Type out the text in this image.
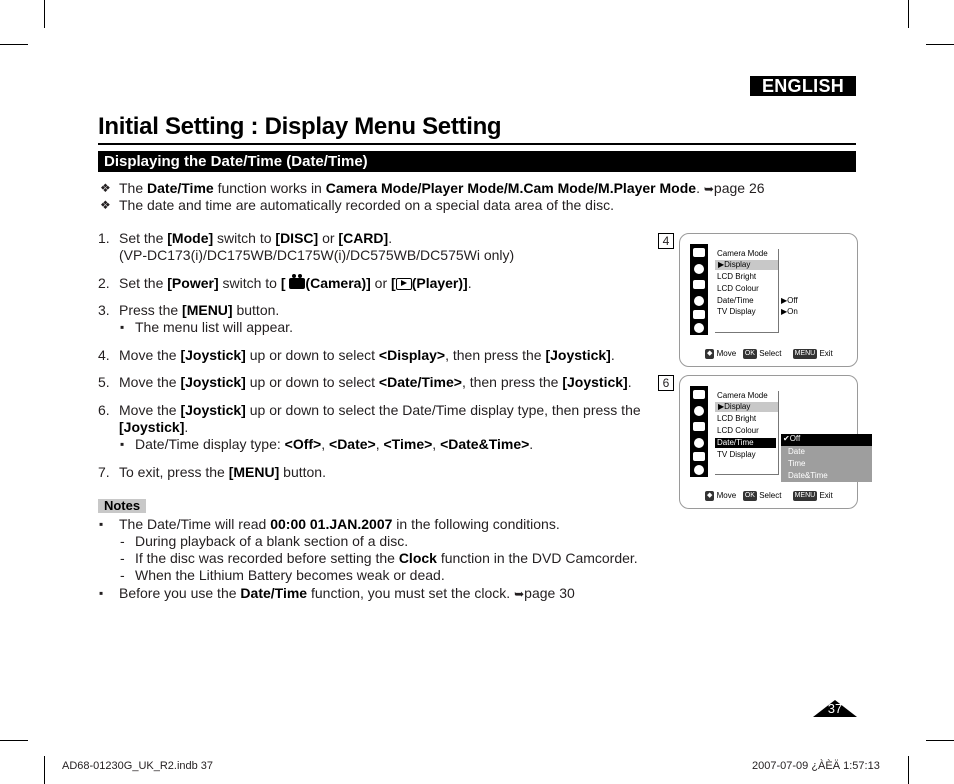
ENGLISH
Initial Setting : Display Menu Setting
Displaying the Date/Time (Date/Time)
❖ The Date/Time function works in Camera Mode/Player Mode/M.Cam Mode/M.Player Mode. ➥page 26
❖ The date and time are automatically recorded on a special data area of the disc.
1. Set the [Mode] switch to [DISC] or [CARD].
(VP-DC173(i)/DC175WB/DC175W(i)/DC575WB/DC575Wi only)
2. Set the [Power] switch to [ (Camera)] or [ (Player)].
3. Press the [MENU] button.
▪ The menu list will appear.
4. Move the [Joystick] up or down to select <Display>, then press the [Joystick].
5. Move the [Joystick] up or down to select <Date/Time>, then press the [Joystick].
6. Move the [Joystick] up or down to select the Date/Time display type, then press the
[Joystick].
▪ Date/Time display type: <Off>, <Date>, <Time>, <Date&Time>.
7. To exit, press the [MENU] button.
Notes
▪ The Date/Time will read 00:00 01.JAN.2007 in the following conditions.
- During playback of a blank section of a disc.
- If the disc was recorded before setting the Clock function in the DVD Camcorder.
- When the Lithium Battery becomes weak or dead.
▪ Before you use the Date/Time function, you must set the clock. ➥page 30
4
Camera Mode
▶Display
LCD Bright
LCD Colour
Date/Time
TV Display
▶Off
▶On
◆ Move OK Select MENU Exit
6
Camera Mode
▶Display
LCD Bright
LCD Colour
Date/Time
TV Display
✔Off
Date
Time
Date&Time
◆ Move OK Select MENU Exit
37
AD68-01230G_UK_R2.indb 37	2007-07-09 ¿ÀÈÄ 1:57:13
